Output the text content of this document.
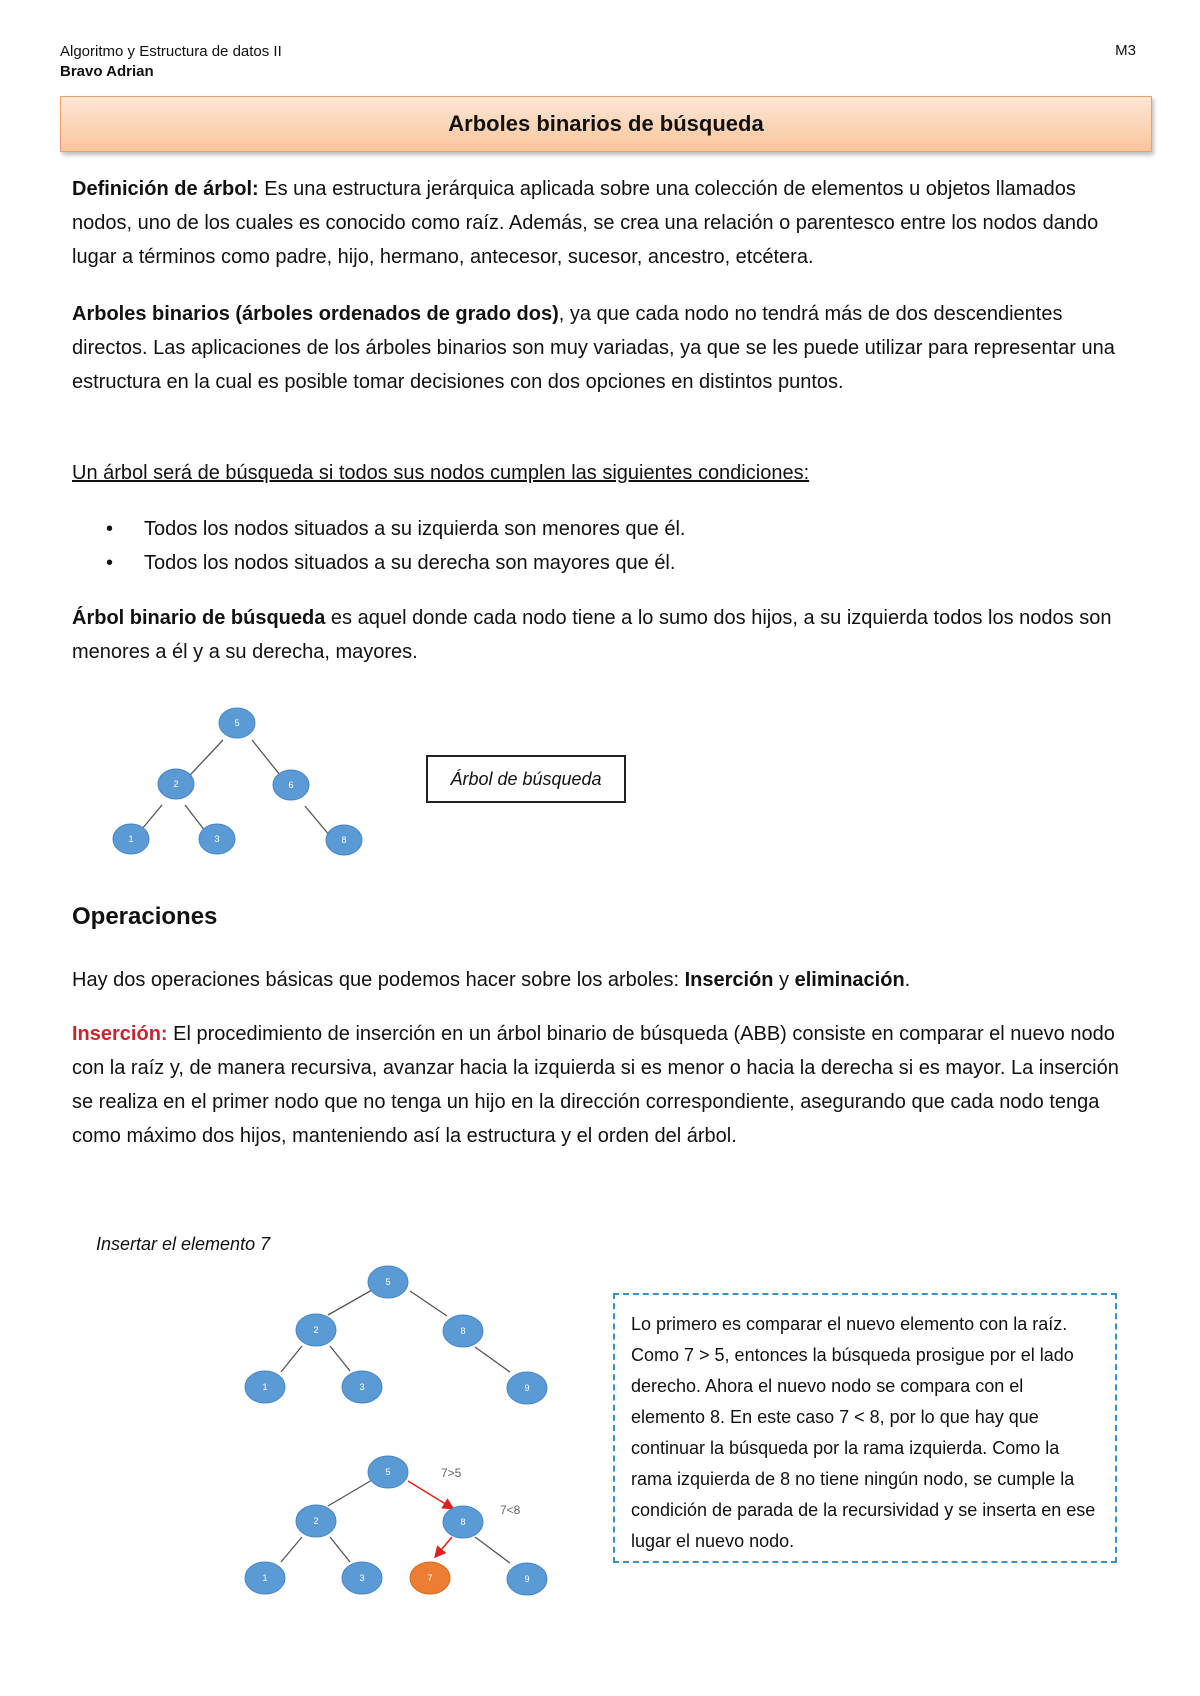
Algoritmo y Estructura de datos II
Bravo Adrian
M3
Arboles binarios de búsqueda

Definición de árbol: Es una estructura jerárquica aplicada sobre una colección de elementos u objetos llamados nodos, uno de los cuales es conocido como raíz. Además, se crea una relación o parentesco entre los nodos dando lugar a términos como padre, hijo, hermano, antecesor, sucesor, ancestro, etcétera.

Arboles binarios (árboles ordenados de grado dos), ya que cada nodo no tendrá más de dos descendientes directos. Las aplicaciones de los árboles binarios son muy variadas, ya que se les puede utilizar para representar una estructura en la cual es posible tomar decisiones con dos opciones en distintos puntos.

Un árbol será de búsqueda si todos sus nodos cumplen las siguientes condiciones:

• Todos los nodos situados a su izquierda son menores que él.
• Todos los nodos situados a su derecha son mayores que él.

Árbol binario de búsqueda es aquel donde cada nodo tiene a lo sumo dos hijos, a su izquierda todos los nodos son menores a él y a su derecha, mayores.

5
2	6
1	3	8
5
2	8
1	3	9
5
2	8
1	3	7	9
7>5
7<8
Árbol de búsqueda
Operaciones

Hay dos operaciones básicas que podemos hacer sobre los arboles: Inserción y eliminación.

Inserción: El procedimiento de inserción en un árbol binario de búsqueda (ABB) consiste en comparar el nuevo nodo con la raíz y, de manera recursiva, avanzar hacia la izquierda si es menor o hacia la derecha si es mayor. La inserción se realiza en el primer nodo que no tenga un hijo en la dirección correspondiente, asegurando que cada nodo tenga como máximo dos hijos, manteniendo así la estructura y el orden del árbol.

Insertar el elemento 7
Lo primero es comparar el nuevo elemento con la raíz. Como 7 > 5, entonces la búsqueda prosigue por el lado derecho. Ahora el nuevo nodo se compara con el elemento 8. En este caso 7 < 8, por lo que hay que continuar la búsqueda por la rama izquierda. Como la rama izquierda de 8 no tiene ningún nodo, se cumple la condición de parada de la recursividad y se inserta en ese lugar el nuevo nodo.
